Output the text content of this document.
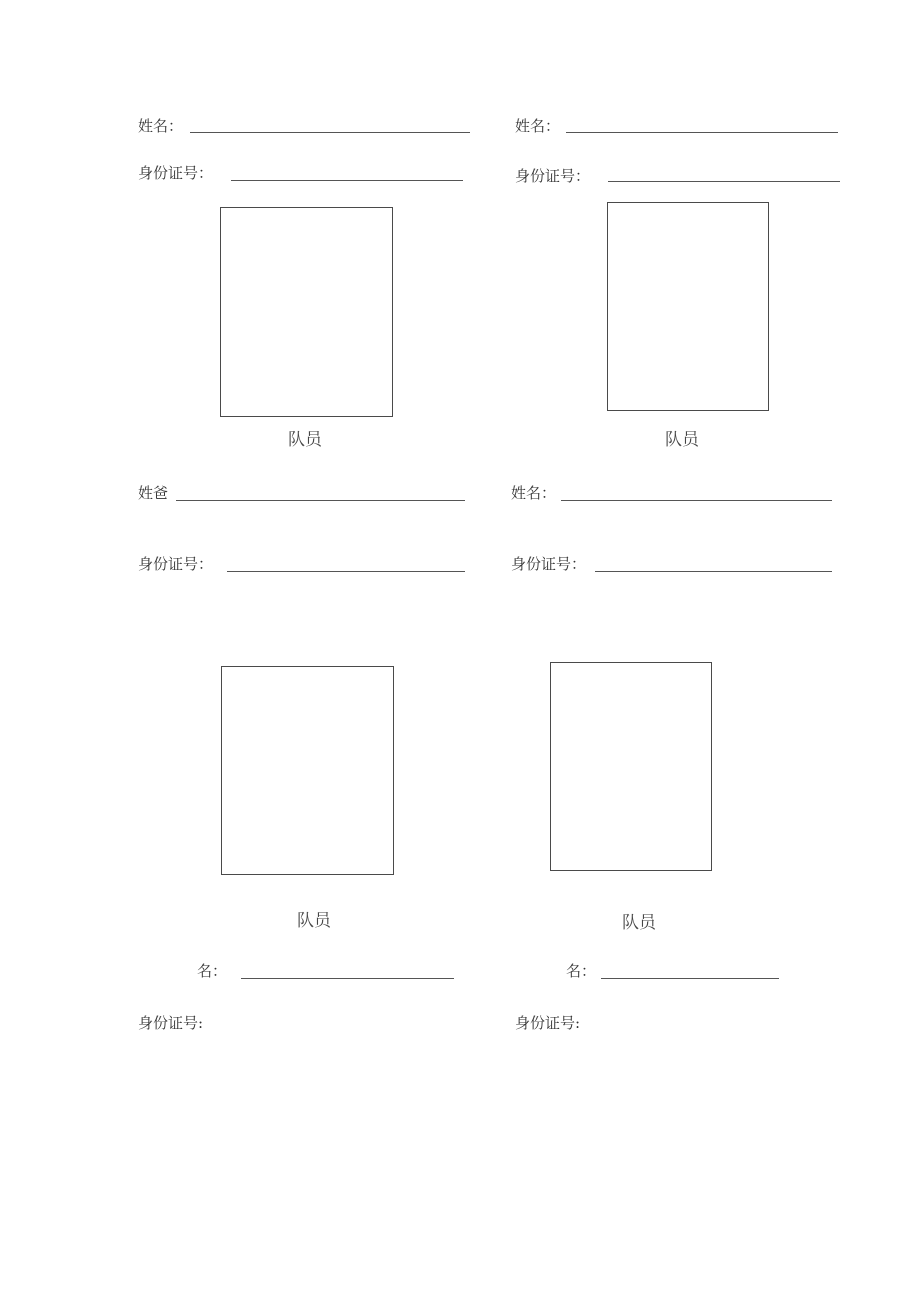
姓名：
身份证号：
队员
姓名：
身份证号：
队员
姓爸
身份证号：
队员
姓名：
身份证号：
队员
名：
身份证号:
名：
身份证号:
